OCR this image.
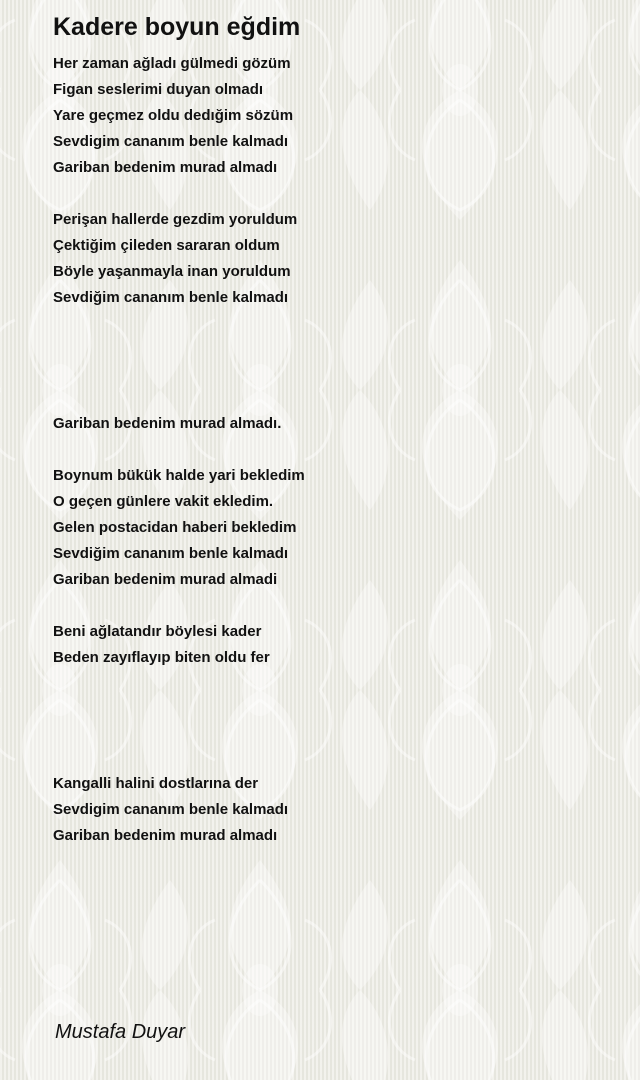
Kadere boyun eğdim
Her zaman ağladı gülmedi gözüm
Figan seslerimi duyan olmadı
Yare geçmez oldu dedığim sözüm
Sevdigim cananım benle kalmadı
Gariban bedenim murad almadı
Perişan hallerde gezdim yoruldum
Çektiğim çileden sararan oldum
Böyle yaşanmayla inan yoruldum
Sevdiğim cananım benle kalmadı
Gariban bedenim murad almadı.
Boynum bükük halde yari bekledim
O geçen günlere vakit ekledim.
Gelen postacidan haberi bekledim
Sevdiğim cananım benle kalmadı
Gariban bedenim murad almadi
Beni ağlatandır böylesi kader
Beden zayıflayıp biten oldu fer
Kangalli halini dostlarına der
Sevdigim cananım benle kalmadı
Gariban bedenim murad almadı
Mustafa Duyar
